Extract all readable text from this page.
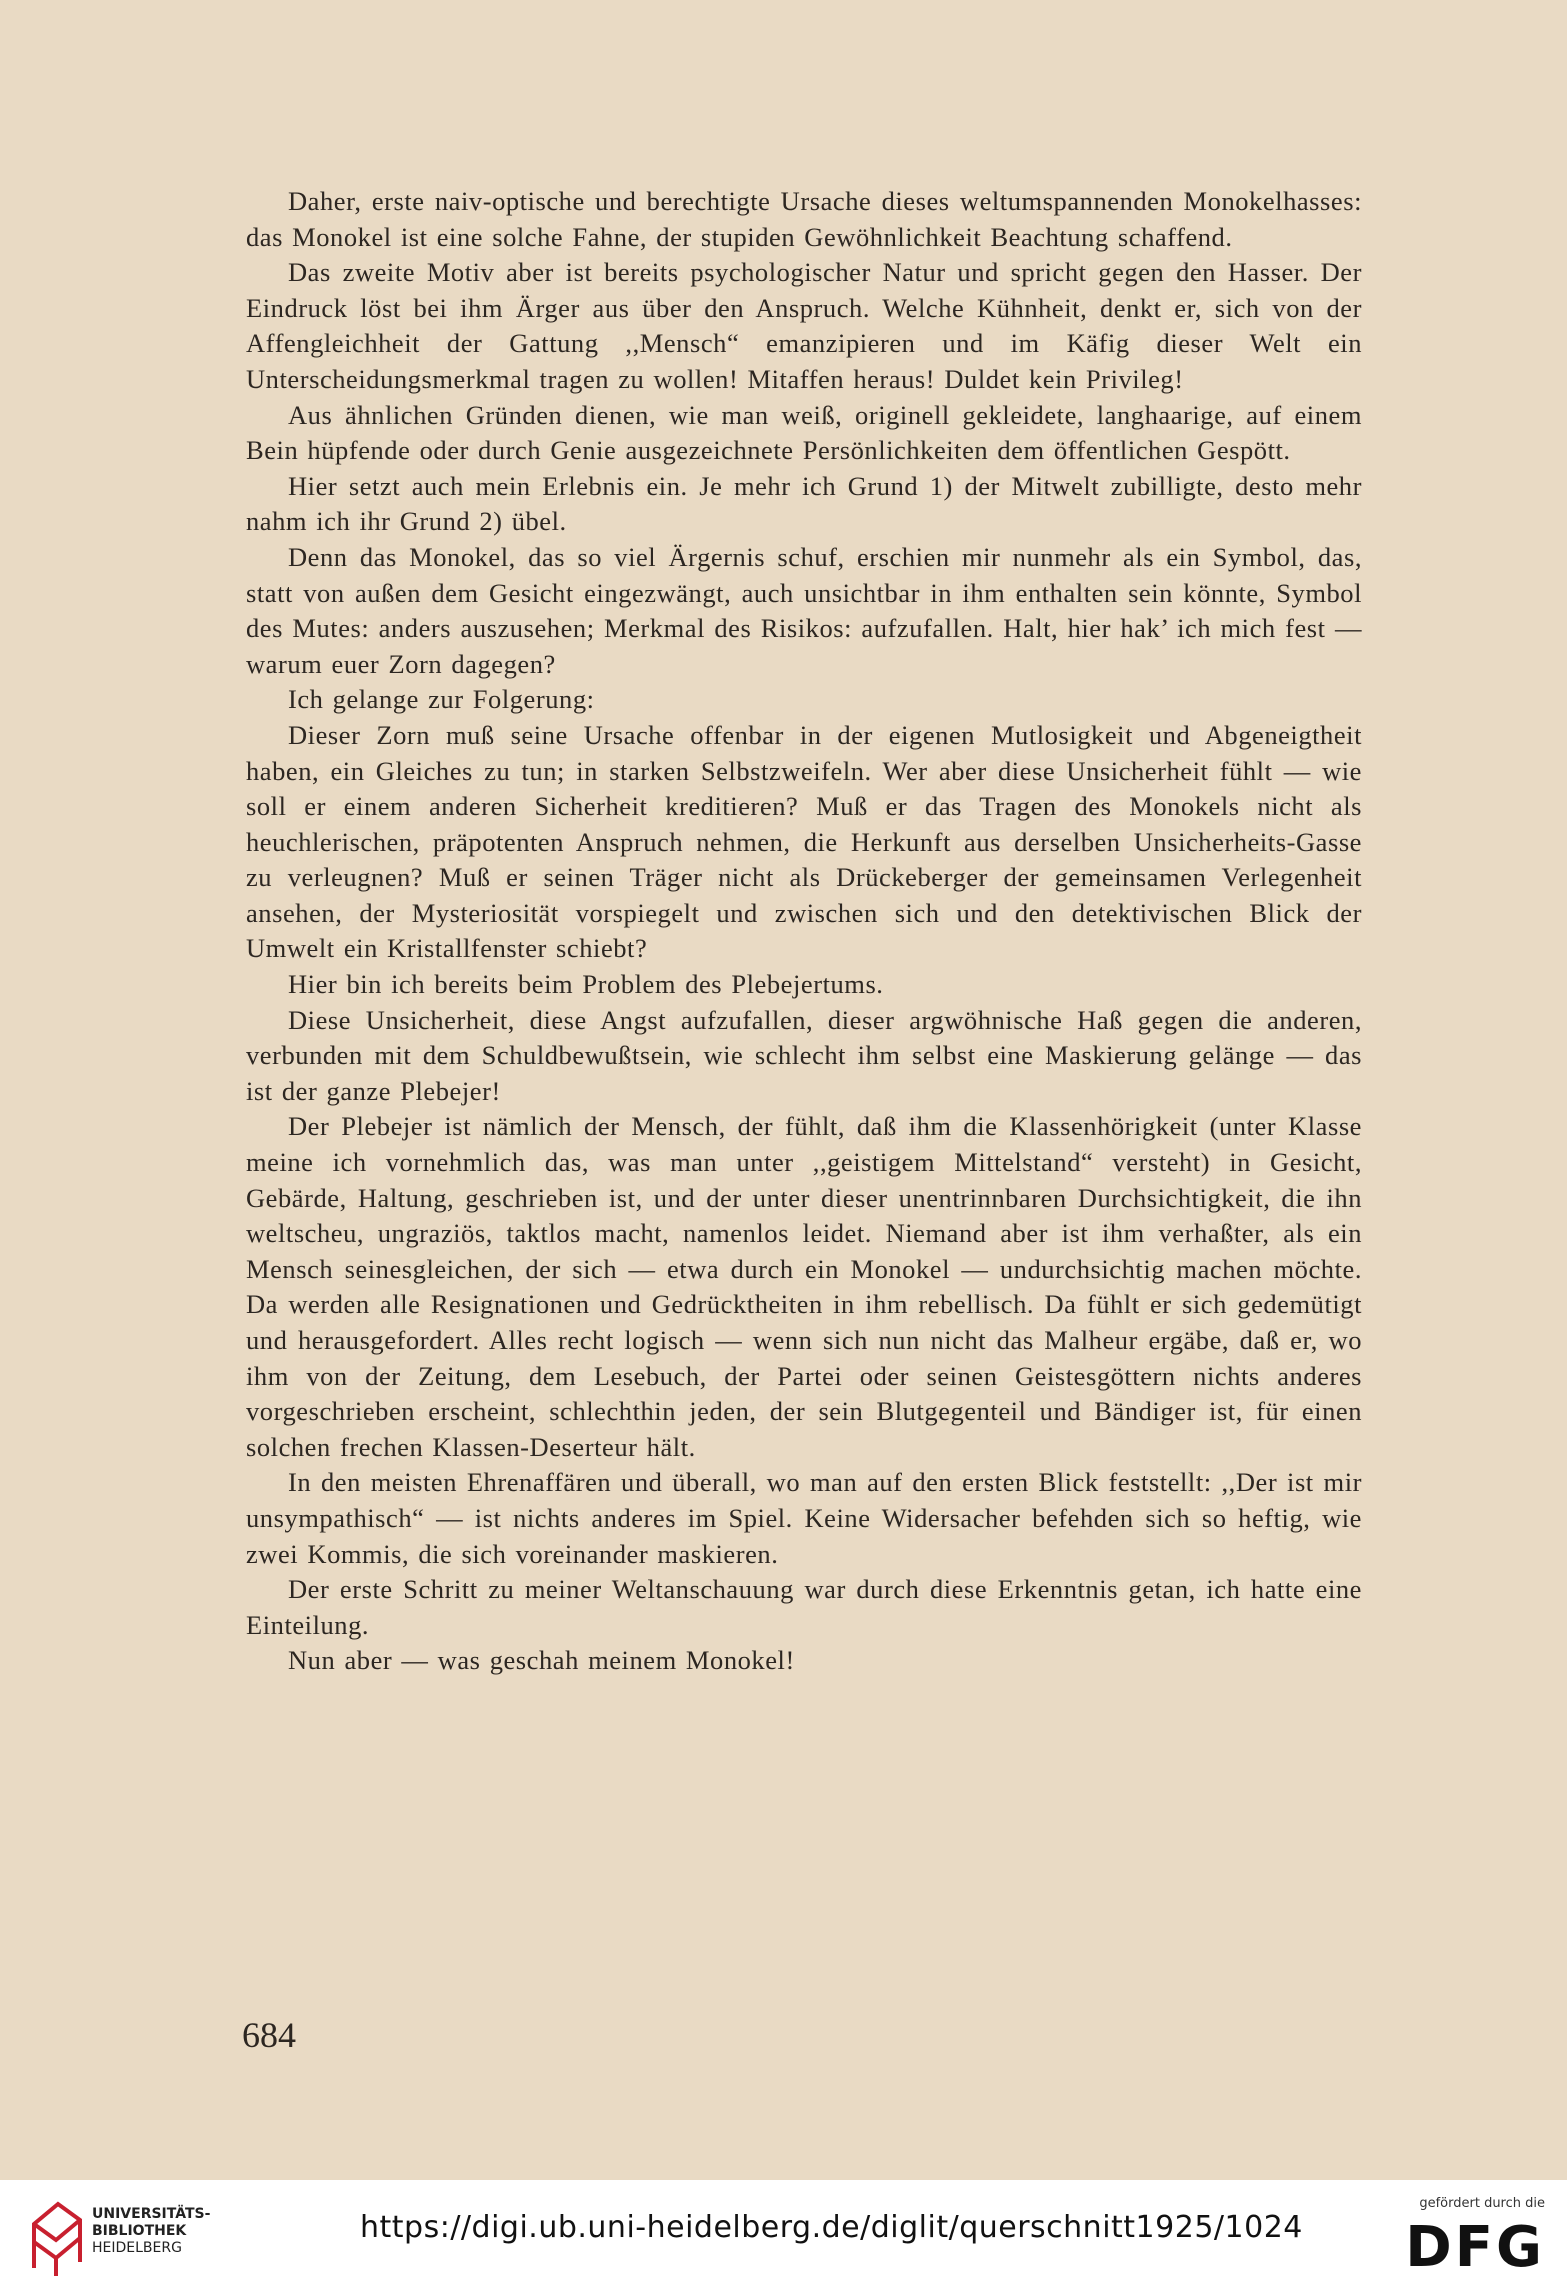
Daher, erste naiv-optische und berechtigte Ursache dieses weltumspannenden Monokelhasses: das Monokel ist eine solche Fahne, der stupiden Gewöhnlichkeit Beachtung schaffend.

Das zweite Motiv aber ist bereits psychologischer Natur und spricht gegen den Hasser. Der Eindruck löst bei ihm Ärger aus über den Anspruch. Welche Kühnheit, denkt er, sich von der Affengleichheit der Gattung ,,Mensch“ emanzipieren und im Käfig dieser Welt ein Unterscheidungsmerkmal tragen zu wollen! Mitaffen heraus! Duldet kein Privileg!

Aus ähnlichen Gründen dienen, wie man weiß, originell gekleidete, langhaarige, auf einem Bein hüpfende oder durch Genie ausgezeichnete Persönlichkeiten dem öffentlichen Gespött.

Hier setzt auch mein Erlebnis ein. Je mehr ich Grund 1) der Mitwelt zubilligte, desto mehr nahm ich ihr Grund 2) übel.

Denn das Monokel, das so viel Ärgernis schuf, erschien mir nunmehr als ein Symbol, das, statt von außen dem Gesicht eingezwängt, auch unsichtbar in ihm enthalten sein könnte, Symbol des Mutes: anders auszusehen; Merkmal des Risikos: aufzufallen. Halt, hier hak’ ich mich fest — warum euer Zorn dagegen?

Ich gelange zur Folgerung:

Dieser Zorn muß seine Ursache offenbar in der eigenen Mutlosigkeit und Abgeneigtheit haben, ein Gleiches zu tun; in starken Selbstzweifeln. Wer aber diese Unsicherheit fühlt — wie soll er einem anderen Sicherheit kreditieren? Muß er das Tragen des Monokels nicht als heuchlerischen, präpotenten Anspruch nehmen, die Herkunft aus derselben Unsicherheits-Gasse zu verleugnen? Muß er seinen Träger nicht als Drückeberger der gemeinsamen Verlegenheit ansehen, der Mysteriosität vorspiegelt und zwischen sich und den detektivischen Blick der Umwelt ein Kristallfenster schiebt?

Hier bin ich bereits beim Problem des Plebejertums.

Diese Unsicherheit, diese Angst aufzufallen, dieser argwöhnische Haß gegen die anderen, verbunden mit dem Schuldbewußtsein, wie schlecht ihm selbst eine Maskierung gelänge — das ist der ganze Plebejer!

Der Plebejer ist nämlich der Mensch, der fühlt, daß ihm die Klassenhörigkeit (unter Klasse meine ich vornehmlich das, was man unter ,,geistigem Mittelstand“ versteht) in Gesicht, Gebärde, Haltung, geschrieben ist, und der unter dieser unentrinnbaren Durchsichtigkeit, die ihn weltscheu, ungraziös, taktlos macht, namenlos leidet. Niemand aber ist ihm verhaßter, als ein Mensch seinesgleichen, der sich — etwa durch ein Monokel — undurchsichtig machen möchte. Da werden alle Resignationen und Gedrücktheiten in ihm rebellisch. Da fühlt er sich gedemütigt und herausgefordert. Alles recht logisch — wenn sich nun nicht das Malheur ergäbe, daß er, wo ihm von der Zeitung, dem Lesebuch, der Partei oder seinen Geistesgöttern nichts anderes vorgeschrieben erscheint, schlechthin jeden, der sein Blutgegenteil und Bändiger ist, für einen solchen frechen Klassen-Deserteur hält.

In den meisten Ehrenaffären und überall, wo man auf den ersten Blick feststellt: ,,Der ist mir unsympathisch“ — ist nichts anderes im Spiel. Keine Widersacher befehden sich so heftig, wie zwei Kommis, die sich voreinander maskieren.

Der erste Schritt zu meiner Weltanschauung war durch diese Erkenntnis getan, ich hatte eine Einteilung.

Nun aber — was geschah meinem Monokel!

684
UNIVERSITÄTS-
BIBLIOTHEK
HEIDELBERG
https://digi.ub.uni-heidelberg.de/diglit/querschnitt1925/1024
gefördert durch die
DFG
